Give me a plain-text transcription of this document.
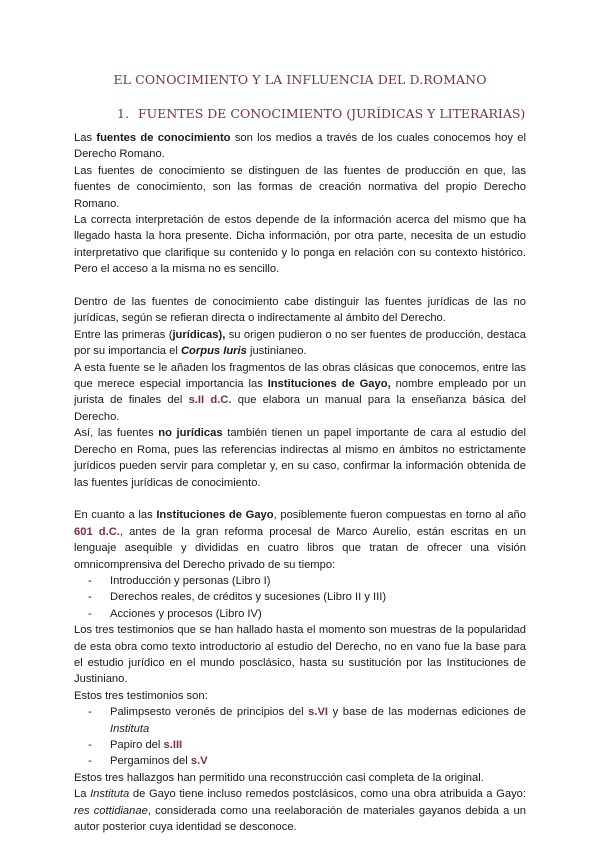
EL CONOCIMIENTO Y LA INFLUENCIA DEL D.ROMANO
1. FUENTES DE CONOCIMIENTO (JURÍDICAS Y LITERARIAS)

Las fuentes de conocimiento son los medios a través de los cuales conocemos hoy el Derecho Romano.

Las fuentes de conocimiento se distinguen de las fuentes de producción en que, las fuentes de conocimiento, son las formas de creación normativa del propio Derecho Romano.

La correcta interpretación de estos depende de la información acerca del mismo que ha llegado hasta la hora presente. Dicha información, por otra parte, necesita de un estudio interpretativo que clarifique su contenido y lo ponga en relación con su contexto histórico. Pero el acceso a la misma no es sencillo.

Dentro de las fuentes de conocimiento cabe distinguir las fuentes jurídicas de las no jurídicas, según se refieran directa o indirectamente al ámbito del Derecho.

Entre las primeras (jurídicas), su origen pudieron o no ser fuentes de producción, destaca por su importancia el Corpus Iuris justinianeo.

A esta fuente se le añaden los fragmentos de las obras clásicas que conocemos, entre las que merece especial importancia las Instituciones de Gayo, nombre empleado por un jurista de finales del s.II d.C. que elabora un manual para la enseñanza básica del Derecho.

Así, las fuentes no jurídicas también tienen un papel importante de cara al estudio del Derecho en Roma, pues las referencias indirectas al mismo en ámbitos no estrictamente jurídicos pueden servir para completar y, en su caso, confirmar la información obtenida de las fuentes jurídicas de conocimiento.

En cuanto a las Instituciones de Gayo, posiblemente fueron compuestas en torno al año 601 d.C., antes de la gran reforma procesal de Marco Aurelio, están escritas en un lenguaje asequible y divididas en cuatro libros que tratan de ofrecer una visión omnicomprensiva del Derecho privado de su tiempo:

- Introducción y personas (Libro I)
- Derechos reales, de créditos y sucesiones (Libro II y III)
- Acciones y procesos (Libro IV)

Los tres testimonios que se han hallado hasta el momento son muestras de la popularidad de esta obra como texto introductorio al estudio del Derecho, no en vano fue la base para el estudio jurídico en el mundo posclásico, hasta su sustitución por las Instituciones de Justiniano.

Estos tres testimonios son:

- Palimpsesto veronés de principios del s.VI y base de las modernas ediciones de Instituta
- Papiro del s.III
- Pergaminos del s.V

Estos tres hallazgos han permitido una reconstrucción casi completa de la original.

La Instituta de Gayo tiene incluso remedos postclásicos, como una obra atribuida a Gayo: res cottidianae, considerada como una reelaboración de materiales gayanos debida a un autor posterior cuya identidad se desconoce.
